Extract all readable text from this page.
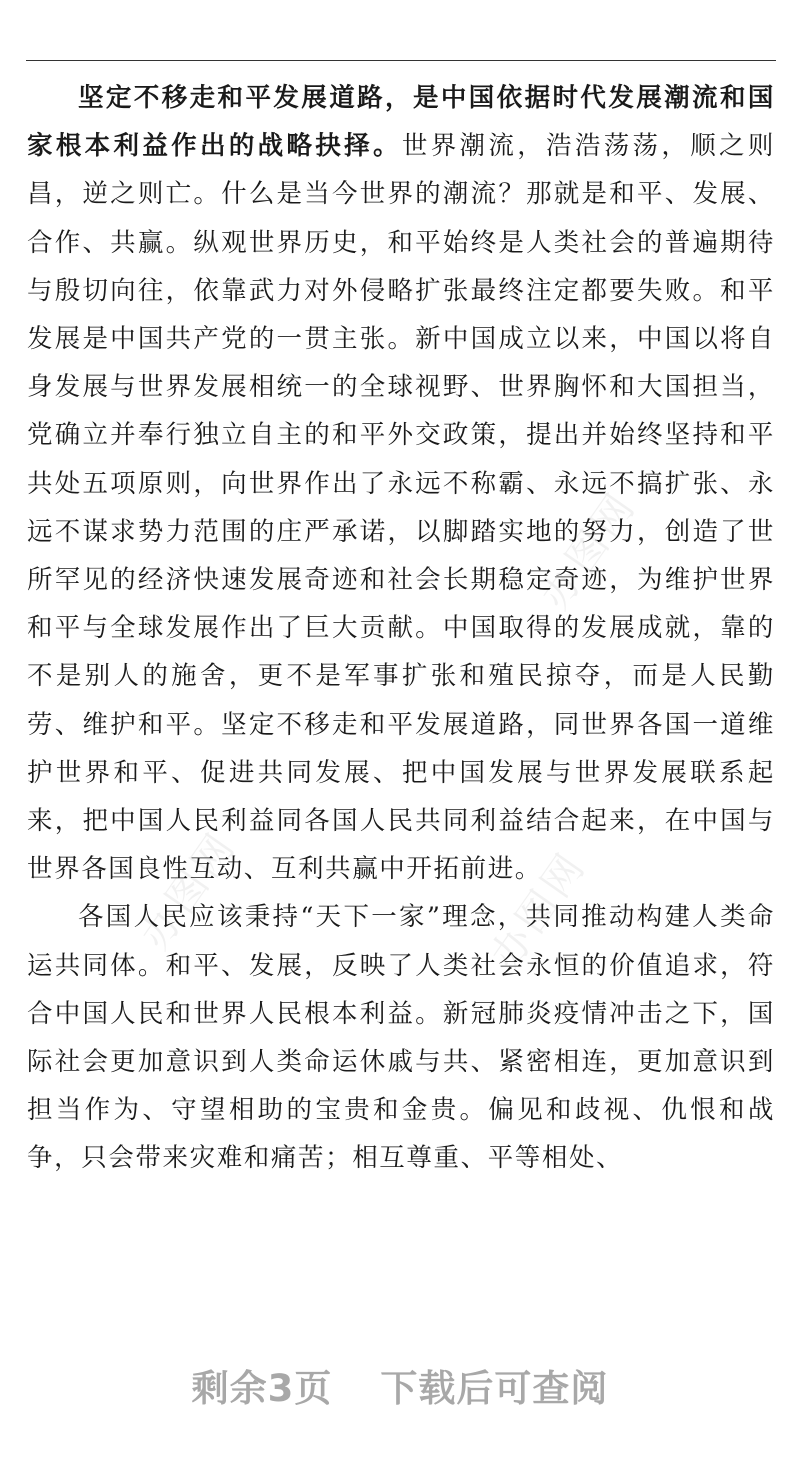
办图网
办图网
办图网

坚定不移走和平发展道路，是中国依据时代发展潮流和国家根本利益作出的战略抉择。世界潮流，浩浩荡荡，顺之则昌，逆之则亡。什么是当今世界的潮流？那就是和平、发展、合作、共赢。纵观世界历史，和平始终是人类社会的普遍期待与殷切向往，依靠武力对外侵略扩张最终注定都要失败。和平发展是中国共产党的一贯主张。新中国成立以来，中国以将自身发展与世界发展相统一的全球视野、世界胸怀和大国担当，党确立并奉行独立自主的和平外交政策，提出并始终坚持和平共处五项原则，向世界作出了永远不称霸、永远不搞扩张、永远不谋求势力范围的庄严承诺，以脚踏实地的努力，创造了世所罕见的经济快速发展奇迹和社会长期稳定奇迹，为维护世界和平与全球发展作出了巨大贡献。中国取得的发展成就，靠的不是别人的施舍，更不是军事扩张和殖民掠夺，而是人民勤劳、维护和平。坚定不移走和平发展道路，同世界各国一道维护世界和平、促进共同发展、把中国发展与世界发展联系起来，把中国人民利益同各国人民共同利益结合起来，在中国与世界各国良性互动、互利共赢中开拓前进。

各国人民应该秉持“天下一家”理念，共同推动构建人类命运共同体。和平、发展，反映了人类社会永恒的价值追求，符合中国人民和世界人民根本利益。新冠肺炎疫情冲击之下，国际社会更加意识到人类命运休戚与共、紧密相连，更加意识到担当作为、守望相助的宝贵和金贵。偏见和歧视、仇恨和战争，只会带来灾难和痛苦；相互尊重、平等相处、

剩余3页 下载后可查阅
